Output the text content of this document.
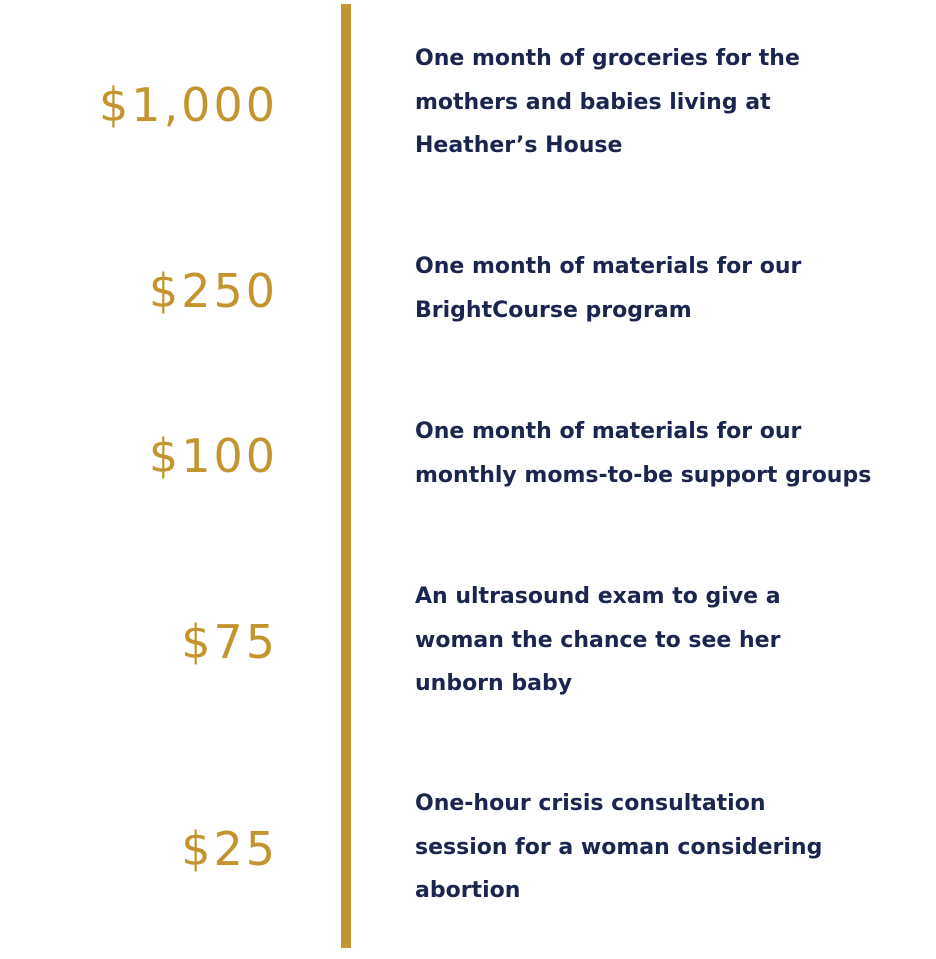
$1,000
One month of groceries for the
mothers and babies living at
Heather’s House
$250	One month of materials for our
BrightCourse program
$100	One month of materials for our
monthly moms-to-be support groups
$75
An ultrasound exam to give a
woman the chance to see her
unborn baby
$25
One-hour crisis consultation
session for a woman considering
abortion
